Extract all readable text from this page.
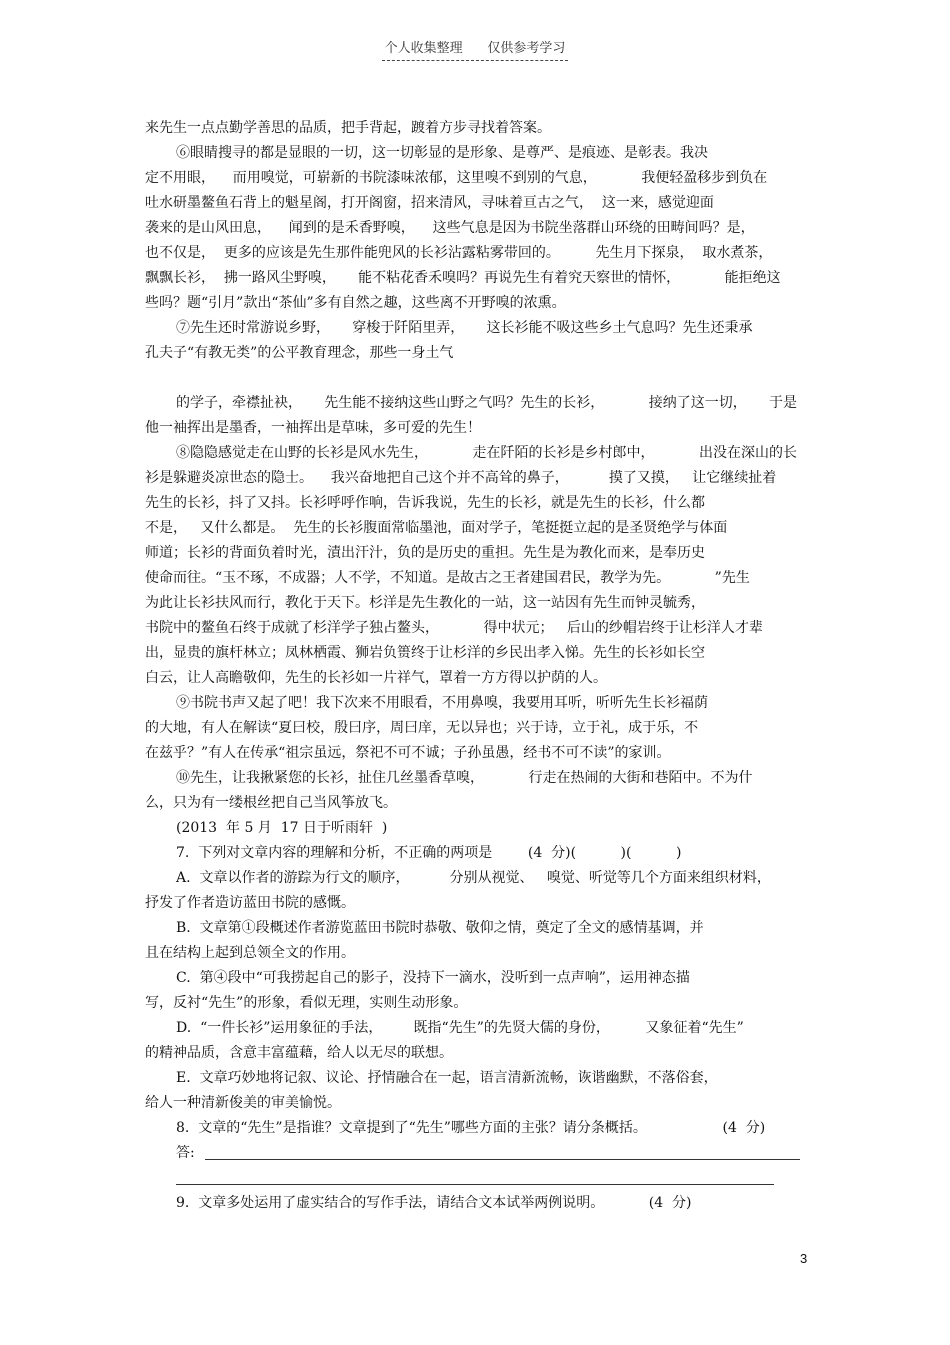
个人收集整理 仅供参考学习
来先生一点点勤学善思的品质，把手背起，踱着方步寻找着答案。
⑥眼睛搜寻的都是显眼的一切，这一切彰显的是形象、是尊严、是痕迹、是彰表。我决
定不用眼，    而用嗅觉，可崭新的书院漆味浓郁，这里嗅不到别的气息，          我便轻盈移步到负在
吐水研墨鳌鱼石背上的魁星阁，打开阁窗，招来清风，寻味着亘古之气，  这一来，感觉迎面
袭来的是山风田息，    闻到的是禾香野嗅，    这些气息是因为书院坐落群山环绕的田畴间吗？是，
也不仅是，  更多的应该是先生那件能兜风的长衫沾露粘雾带回的。        先生月下探泉，  取水煮茶，
飘飘长衫，  拂一路风尘野嗅，     能不粘花香禾嗅吗？再说先生有着究天察世的情怀，          能拒绝这
些吗？题“引月”款出“茶仙”多有自然之趣，这些离不开野嗅的浓熏。
⑦先生还时常游说乡野，     穿梭于阡陌里弄，     这长衫能不吸这些乡土气息吗？先生还秉承
孔夫子“有教无类”的公平教育理念，那些一身土气
的学子，牵襟扯袂，     先生能不接纳这些山野之气吗？先生的长衫，          接纳了这一切，     于是
他一袖挥出是墨香，一袖挥出是草味，多可爱的先生！
⑧隐隐感觉走在山野的长衫是风水先生，          走在阡陌的长衫是乡村郎中，          出没在深山的长
衫是躲避炎凉世态的隐士。    我兴奋地把自己这个并不高耸的鼻子，         摸了又摸，   让它继续扯着
先生的长衫，抖了又抖。长衫呼呼作响，告诉我说，先生的长衫，就是先生的长衫，什么都
不是，   又什么都是。  先生的长衫腹面常临墨池，面对学子，笔挺挺立起的是圣贤绝学与体面
师道；长衫的背面负着时光，漬出汗汁，负的是历史的重担。先生是为教化而来，是奉历史
使命而往。“玉不琢，不成器；人不学，不知道。是故古之王者建国君民，教学为先。          ”先生
为此让长衫扶风而行，教化于天下。杉洋是先生教化的一站，这一站因有先生而钟灵毓秀，
书院中的鳌鱼石终于成就了杉洋学子独占鳌头，          得中状元；   后山的纱帽岩终于让杉洋人才辈
出，显贵的旗杆林立；凤林栖霞、狮岩负篑终于让杉洋的乡民出孝入悌。先生的长衫如长空
白云，让人高瞻敬仰，先生的长衫如一片祥气，罩着一方方得以护荫的人。
⑨书院书声又起了吧！我下次来不用眼看，不用鼻嗅，我要用耳听，听听先生长衫福荫
的大地，有人在解读“夏曰校，殷曰序，周曰庠，无以异也；兴于诗，立于礼，成于乐，不
在兹乎？”有人在传承“祖宗虽远，祭祀不可不诚；子孙虽愚，经书不可不读”的家训。
⑩先生，让我揪紧您的长衫，扯住几丝墨香草嗅，          行走在热闹的大街和巷陌中。不为什
么，只为有一缕根丝把自己当风筝放飞。
(2013  年 5 月  17 日于听雨轩  )
7.  下列对文章内容的理解和分析，不正确的两项是        (4  分)(          )(          )
A.  文章以作者的游踪为行文的顺序，         分别从视觉、   嗅觉、听觉等几个方面来组织材料，
抒发了作者造访蓝田书院的感慨。
B.  文章第①段概述作者游览蓝田书院时恭敬、敬仰之情，奠定了全文的感情基调，并
且在结构上起到总领全文的作用。
C.  第④段中“可我捞起自己的影子，没持下一滴水，没听到一点声响”，运用神态描
写，反衬“先生”的形象，看似无理，实则生动形象。
D.  “一件长衫”运用象征的手法，       既指“先生”的先贤大儒的身份，        又象征着“先生”
的精神品质，含意丰富蕴藉，给人以无尽的联想。
E.  文章巧妙地将记叙、议论、抒情融合在一起，语言清新流畅，诙谐幽默，不落俗套，
给人一种清新俊美的审美愉悦。
8.  文章的“先生”是指谁？文章提到了“先生”哪些方面的主张？请分条概括。                 (4  分)
答:
9.  文章多处运用了虚实结合的写作手法，请结合文本试举两例说明。          (4  分)
3
